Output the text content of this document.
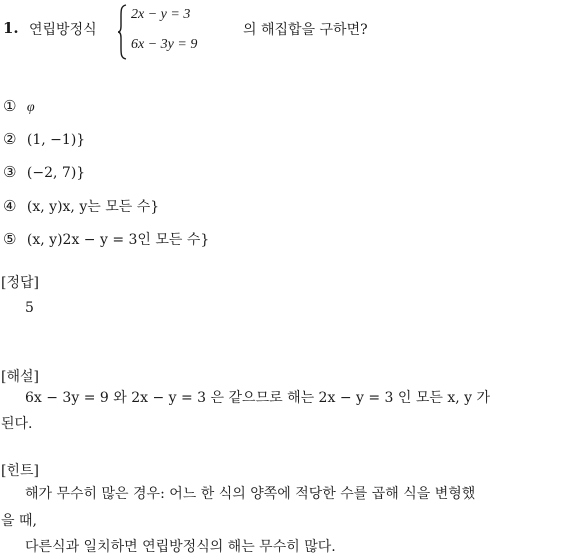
1. 연립방정식
2x − y = 3
6x − 3y = 9
의 해집합을 구하면?
① φ
② (1, −1)}
③ (−2, 7)}
④ (x, y)x, y는 모든 수}
⑤ (x, y)2x − y = 3인 모든 수}
[정답]
5
[해설]
6x − 3y = 9 와 2x − y = 3 은 같으므로 해는 2x − y = 3 인 모든 x, y 가
된다.
[힌트]
해가 무수히 많은 경우: 어느 한 식의 양쪽에 적당한 수를 곱해 식을 변형했
을 때,
다른식과 일치하면 연립방정식의 해는 무수히 많다.
